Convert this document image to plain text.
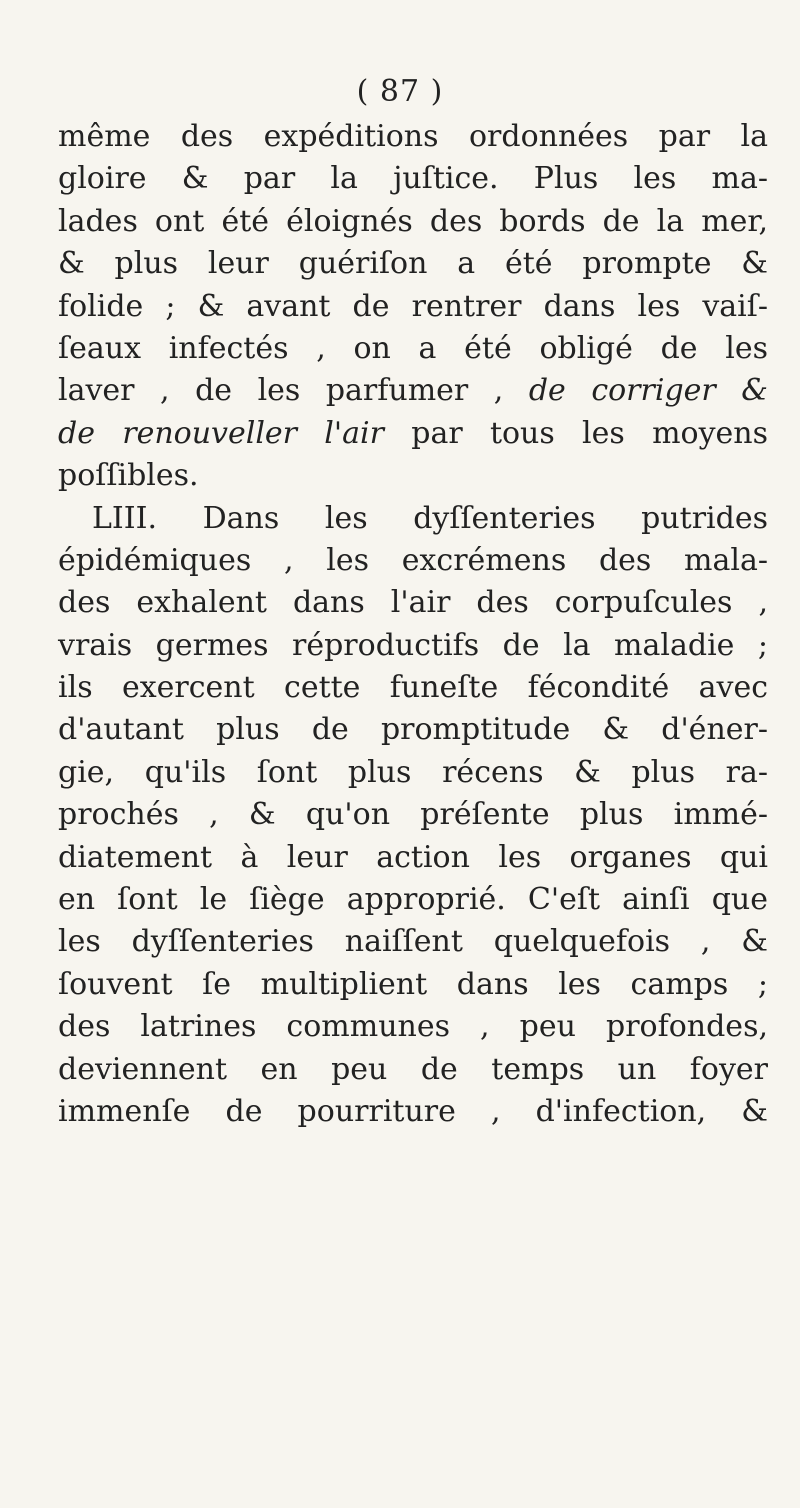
( 87 )
même des expéditions ordonnées par la
gloire & par la juſtice. Plus les ma-
lades ont été éloignés des bords de la mer,
& plus leur guériſon a été prompte &
folide ; & avant de rentrer dans les vaiſ-
ſeaux infectés , on a été obligé de les
laver , de les parfumer , de corriger &
de renouveller l'air par tous les moyens
poſſibles.
LIII. Dans les dyſſenteries putrides
épidémiques , les excrémens des mala-
des exhalent dans l'air des corpuſcules ,
vrais germes réproductifs de la maladie ;
ils exercent cette funeſte fécondité avec
d'autant plus de promptitude & d'éner-
gie, qu'ils ſont plus récens & plus ra-
prochés , & qu'on préſente plus immé-
diatement à leur action les organes qui
en ſont le ſiège approprié. C'eſt ainſi que
les dyſſenteries naiſſent quelquefois , &
ſouvent ſe multiplient dans les camps ;
des latrines communes , peu profondes,
deviennent en peu de temps un foyer
immenſe de pourriture , d'infection, &
